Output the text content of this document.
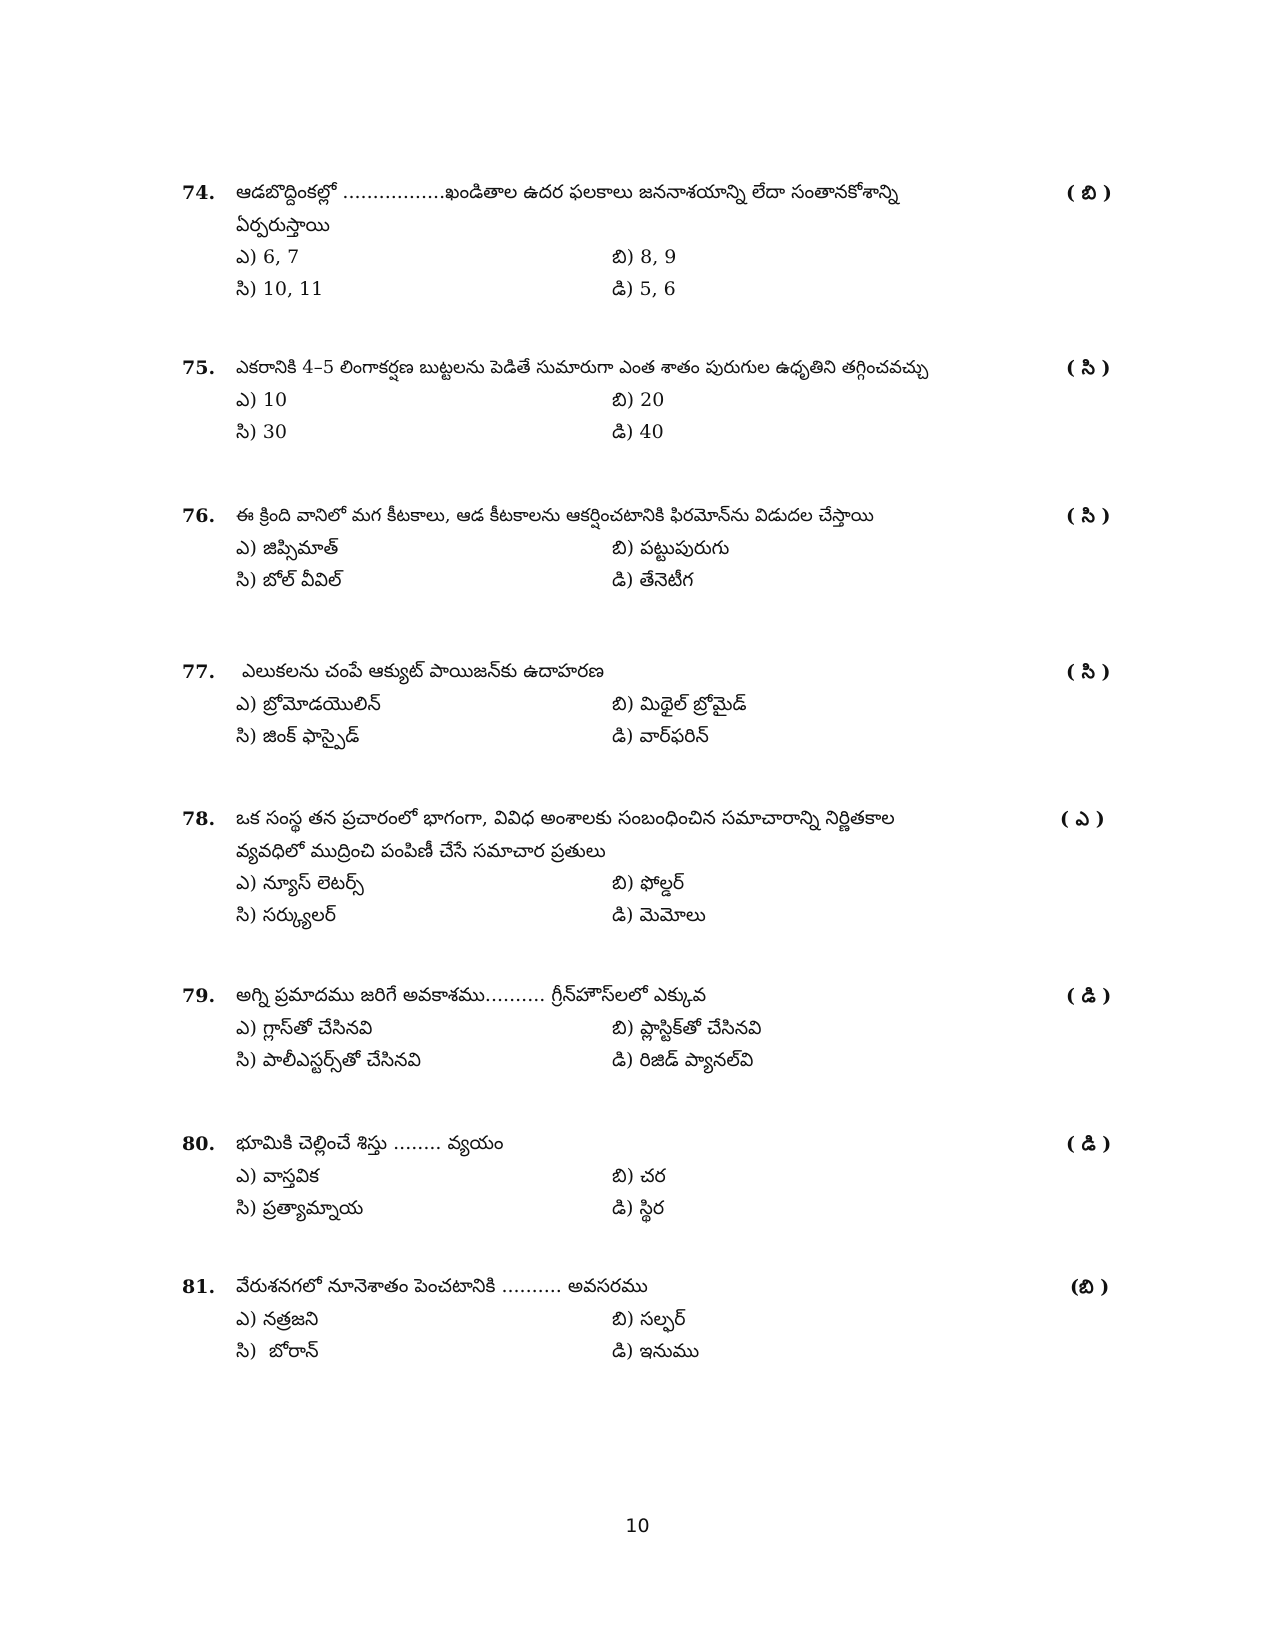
74. ఆడబొద్దింకల్లో .................ఖండితాల ఉదర ఫలకాలు జననాశయాన్ని లేదా సంతానకోశాన్ని ఏర్పరుస్తాయి
( బి )
ఎ) 6, 7	బి) 8, 9
సి) 10, 11	డి) 5, 6
75. ఎకరానికి 4–5 లింగాకర్షణ బుట్టలను పెడితే సుమారుగా ఎంత శాతం పురుగుల ఉధృతిని తగ్గించవచ్చు	( సి )
ఎ) 10	బి) 20
సి) 30	డి) 40
76. ఈ క్రింది వానిలో మగ కీటకాలు, ఆడ కీటకాలను ఆకర్షించటానికి ఫిరమోన్‌ను విడుదల చేస్తాయి	( సి )
ఎ) జిప్సిమాత్	బి) పట్టుపురుగు
సి) బోల్ వీవిల్	డి) తేనెటీగ
77. ఎలుకలను చంపే ఆక్యుట్ పాయిజన్‌కు ఉదాహరణ	( సి )
ఎ) బ్రోమోడయొలిన్	బి) మిథైల్ బ్రోమైడ్
సి) జింక్ ఫాస్పైడ్	డి) వార్‌ఫరిన్
78. ఒక సంస్థ తన ప్రచారంలో భాగంగా, వివిధ అంశాలకు సంబంధించిన సమాచారాన్ని నిర్ణితకాల వ్యవధిలో ముద్రించి పంపిణీ చేసే సమాచార ప్రతులు
( ఎ )
ఎ) న్యూస్ లెటర్స్	బి) ఫోల్డర్
సి) సర్క్యులర్	డి) మెమోలు
79. అగ్ని ప్రమాదము జరిగే అవకాశము.......... గ్రీన్‌హౌస్‌లలో ఎక్కువ	( డి )
ఎ) గ్లాస్‌తో చేసినవి	బి) ప్లాస్టిక్‌తో చేసినవి
సి) పాలీఎస్టర్స్‌తో చేసినవి	డి) రిజిడ్ ప్యానల్‌వి
80. భూమికి చెల్లించే శిస్తు ........ వ్యయం	( డి )
ఎ) వాస్తవిక	బి) చర
సి) ప్రత్యామ్నాయ	డి) స్థిర
81. వేరుశనగలో నూనెశాతం పెంచటానికి .......... అవసరము	(బి )
ఎ) నత్రజని	బి) సల్ఫర్
సి)  బోరాన్	డి) ఇనుము
10
